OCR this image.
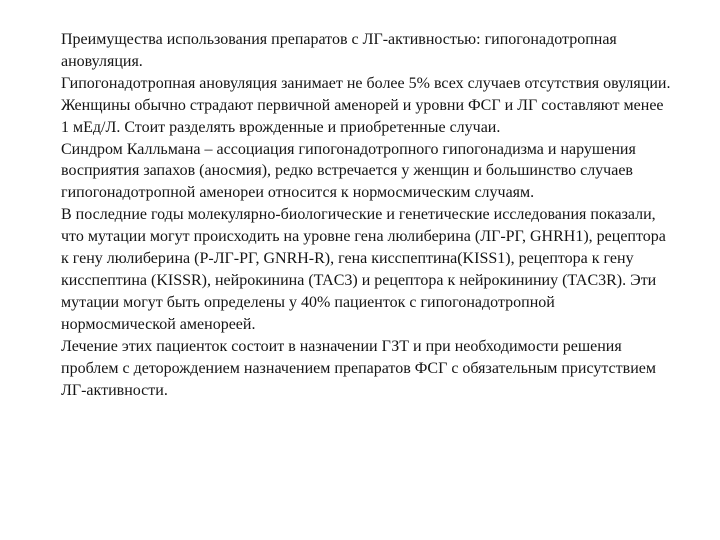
Преимущества использования препаратов с ЛГ-активностью: гипогонадотропная ановуляция.

Гипогонадотропная ановуляция занимает не более 5% всех случаев отсутствия овуляции. Женщины обычно страдают первичной аменорей и уровни ФСГ и ЛГ составляют менее 1 мЕд/Л. Стоит разделять врожденные и приобретенные случаи.

Синдром Калльмана – ассоциация гипогонадотропного гипогонадизма и нарушения восприятия запахов (аносмия), редко встречается у женщин и большинство случаев гипогонадотропной аменореи относится к нормосмическим случаям.

В последние годы молекулярно-биологические и генетические исследования показали, что мутации могут происходить на уровне гена люлиберина (ЛГ-РГ, GHRH1), рецептора к гену люлиберина (Р-ЛГ-РГ, GNRH-R), гена кисспептина(KISS1), рецептора к гену кисспептина (KISSR), нейрокинина (TAC3) и рецептора к нейрокининиу (TAC3R). Эти мутации могут быть определены у 40% пациенток с гипогонадотропной нормосмической аменореей.

Лечение этих пациенток состоит в назначении ГЗТ и при необходимости решения проблем с деторождением назначением препаратов ФСГ с обязательным присутствием ЛГ-активности.
